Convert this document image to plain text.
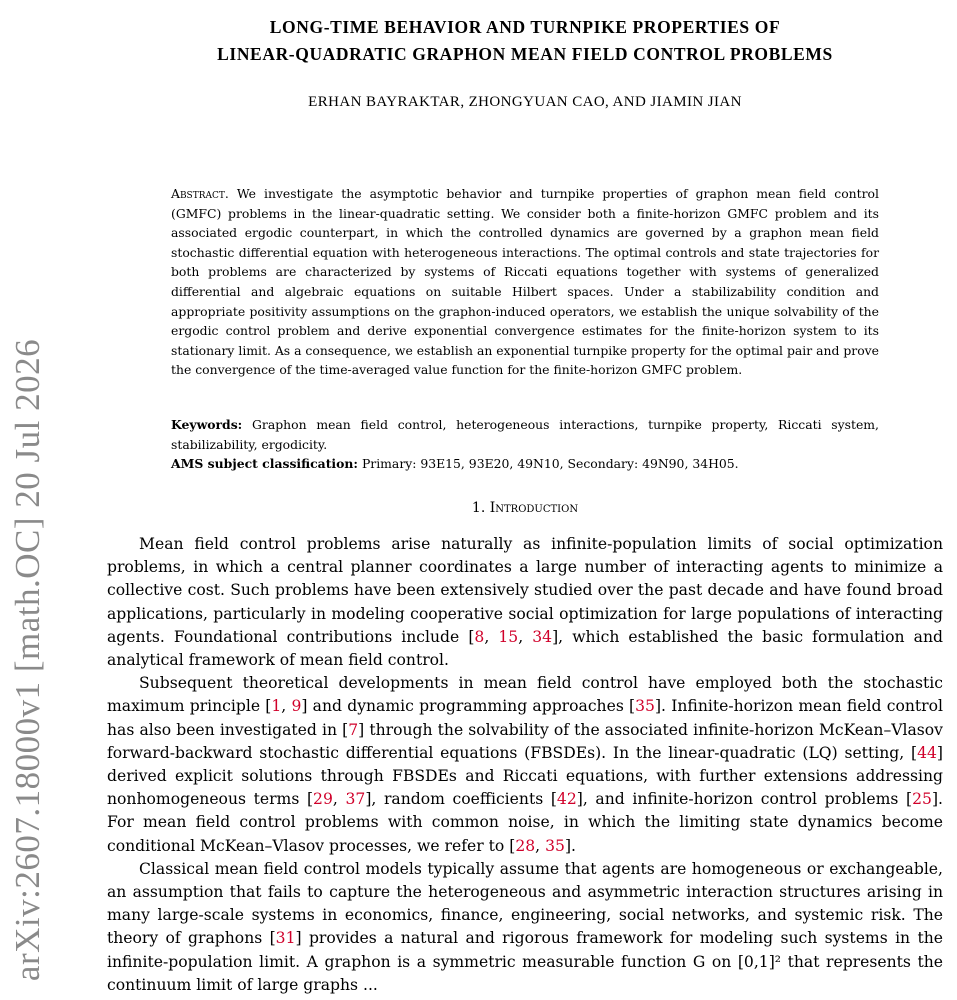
arXiv:2607.18000v1 [math.OC] 20 Jul 2026
LONG-TIME BEHAVIOR AND TURNPIKE PROPERTIES OF
LINEAR-QUADRATIC GRAPHON MEAN FIELD CONTROL PROBLEMS
ERHAN BAYRAKTAR, ZHONGYUAN CAO, AND JIAMIN JIAN
Abstract. We investigate the asymptotic behavior and turnpike properties of graphon mean field control (GMFC) problems in the linear-quadratic setting. We consider both a finite-horizon GMFC problem and its associated ergodic counterpart, in which the controlled dynamics are governed by a graphon mean field stochastic differential equation with heterogeneous interactions. The optimal controls and state trajectories for both problems are characterized by systems of Riccati equations together with systems of generalized differential and algebraic equations on suitable Hilbert spaces. Under a stabilizability condition and appropriate positivity assumptions on the graphon-induced operators, we establish the unique solvability of the ergodic control problem and derive exponential convergence estimates for the finite-horizon system to its stationary limit. As a consequence, we establish an exponential turnpike property for the optimal pair and prove the convergence of the time-averaged value function for the finite-horizon GMFC problem.

Keywords: Graphon mean field control, heterogeneous interactions, turnpike property, Riccati system, stabilizability, ergodicity.

AMS subject classification: Primary: 93E15, 93E20, 49N10, Secondary: 49N90, 34H05.

1. Introduction

Mean field control problems arise naturally as infinite-population limits of social optimization problems, in which a central planner coordinates a large number of interacting agents to minimize a collective cost. Such problems have been extensively studied over the past decade and have found broad applications, particularly in modeling cooperative social optimization for large populations of interacting agents. Foundational contributions include [8, 15, 34], which established the basic formulation and analytical framework of mean field control.

Subsequent theoretical developments in mean field control have employed both the stochastic maximum principle [1, 9] and dynamic programming approaches [35]. Infinite-horizon mean field control has also been investigated in [7] through the solvability of the associated infinite-horizon McKean–Vlasov forward-backward stochastic differential equations (FBSDEs). In the linear-quadratic (LQ) setting, [44] derived explicit solutions through FBSDEs and Riccati equations, with further extensions addressing nonhomogeneous terms [29, 37], random coefficients [42], and infinite-horizon control problems [25]. For mean field control problems with common noise, in which the limiting state dynamics become conditional McKean–Vlasov processes, we refer to [28, 35].

Classical mean field control models typically assume that agents are homogeneous or exchangeable, an assumption that fails to capture the heterogeneous and asymmetric interaction structures arising in many large-scale systems in economics, finance, engineering, social networks, and systemic risk. The theory of graphons [31] provides a natural and rigorous framework for modeling such systems in the infinite-population limit. A graphon is a symmetric measurable function G on [0,1]² that represents the continuum limit of large graphs ...
